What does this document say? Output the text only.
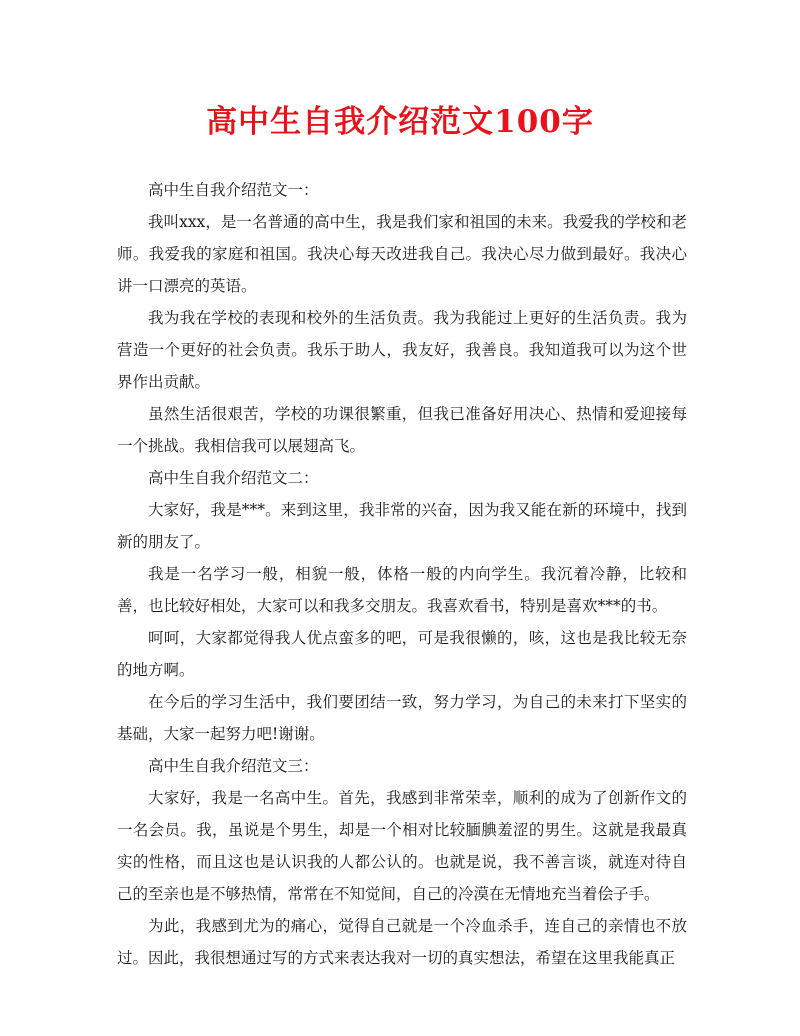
高中生自我介绍范文100字

高中生自我介绍范文一：

我叫xxx，是一名普通的高中生，我是我们家和祖国的未来。我爱我的学校和老师。我爱我的家庭和祖国。我决心每天改进我自己。我决心尽力做到最好。我决心讲一口漂亮的英语。

我为我在学校的表现和校外的生活负责。我为我能过上更好的生活负责。我为营造一个更好的社会负责。我乐于助人，我友好，我善良。我知道我可以为这个世界作出贡献。

虽然生活很艰苦，学校的功课很繁重，但我已准备好用决心、热情和爱迎接每一个挑战。我相信我可以展翅高飞。

高中生自我介绍范文二：

大家好，我是***。来到这里，我非常的兴奋，因为我又能在新的环境中，找到新的朋友了。

我是一名学习一般，相貌一般，体格一般的内向学生。我沉着冷静，比较和善，也比较好相处，大家可以和我多交朋友。我喜欢看书，特别是喜欢***的书。

呵呵，大家都觉得我人优点蛮多的吧，可是我很懒的，咳，这也是我比较无奈的地方啊。

在今后的学习生活中，我们要团结一致，努力学习，为自己的未来打下坚实的基础，大家一起努力吧!谢谢。

高中生自我介绍范文三：

大家好，我是一名高中生。首先，我感到非常荣幸，顺利的成为了创新作文的一名会员。我，虽说是个男生，却是一个相对比较腼腆羞涩的男生。这就是我最真实的性格，而且这也是认识我的人都公认的。也就是说，我不善言谈，就连对待自己的至亲也是不够热情，常常在不知觉间，自己的冷漠在无情地充当着侩子手。

为此，我感到尤为的痛心，觉得自己就是一个冷血杀手，连自己的亲情也不放过。因此，我很想通过写的方式来表达我对一切的真实想法，希望在这里我能真正
